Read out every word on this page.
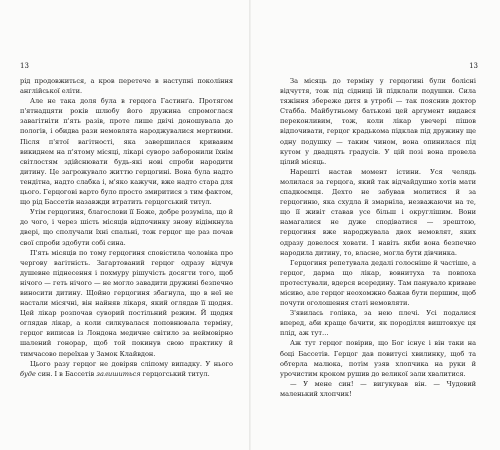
13

рід продовжиться, а кров перетече в наступні покоління англійської еліти.

Але не така доля була в герцога Гастинґа. Протягом п'ятнадцяти років шлюбу його дружина спромоглася завагітніти п'ять разів, проте лише двічі доношувала до пологів, і обидва рази немовлята народжувалися мертвими. Після п'ятої вагітності, яка завершилася кривавим викиднем на п'ятому місяці, лікарі суворо заборонили їхнім світлостям здійснювати будь-які нові спроби народити дитину. Це загрожувало життю герцогині. Вона була надто тендітна, надто слабка і, м'яко кажучи, вже надто стара для цього. Герцогові варто було просто змиритися з тим фактом, що рід Бассетів назавжди втратить герцогський титул.

Утім герцогиня, благослови її Боже, добре розуміла, що й до чого, і через шість місяців відпочинку знову відімкнула двері, що сполучали їхні спальні, тож герцог ще раз почав свої спроби здобути собі сина.

П'ять місяців по тому герцогиня сповістила чоловіка про чергову вагітність. Загартований герцог одразу відчув душевне піднесення і похмуру рішучість досягти того, щоб нічого — геть нічого — не могло завадити дружині безпечно виносити дитину. Щойно герцогиня збагнула, що в неї не настали місячні, він найняв лікаря, який оглядав її щодня. Цей лікар розпочав суворий постільний режим. Й щодня оглядав лікар, а коли силкувалася поповнювала терміну, герцог виписав із Лондона медичне світило за неймовірно шалений гонорар, щоб той покинув свою практику й тимчасово переїхав у Замок Клайвдон.

Цього разу герцог не довіряв сліпому випадку. У нього буде син. І в Бассетів залишиться герцогський титул.

13

За місяць до терміну у герцогині були болісні відчуття, тож під сідниці їй підклали подушки. Сила тяжіння збереже дитя в утробі — так пояснив доктор Стабба. Майбутньому батькові цей аргумент видався переконливим, тож, коли лікар увечері пішов відпочивати, герцог крадькома підклав під дружину ще одну подушку — таким чином, вона опинилася під кутом у двадцять градусів. У цій позі вона провела цілий місяць.

Нарешті настав момент істини. Уся челядь молилася за герцога, який так відчайдушно хотів мати спадкоємця. Дехто не забував молитися й за герцогиню, яка схудла й змарніла, незважаючи на те, що її живіт ставав усе більш і округлішим. Вони намагалися не дуже сподіватися — зрештою, герцогиня вже народжувала двох немовлят, яких одразу довелося ховати. І навіть якби вона безпечно народила дитину, то, власне, могла бути дівчинка.

Герцогиня репетувала дедалі голосніше й частіше, а герцог, дарма що лікар, вовнитуха та повпоха протестували, вдерся всередину. Там панувало криваве місиво, але герцог неохомжно бажав бути першим, щоб почути оголошення статі немовляти.

З'явилась голівка, за нею плечі. Усі подалися вперед, аби краще бачити, як породілля виштовхує ця плід, аж тут…

Аж тут герцог повірив, що Бог існує і він таки на боці Бассетів. Герцог дав повитусі хвилинку, щоб та обтерла малюка, потім узяв хлопчика на руки й урочистим кроком рушив до великої зали хвалитися.

— У мене син! — вигукував він. — Чудовий маленький хлопчик!
